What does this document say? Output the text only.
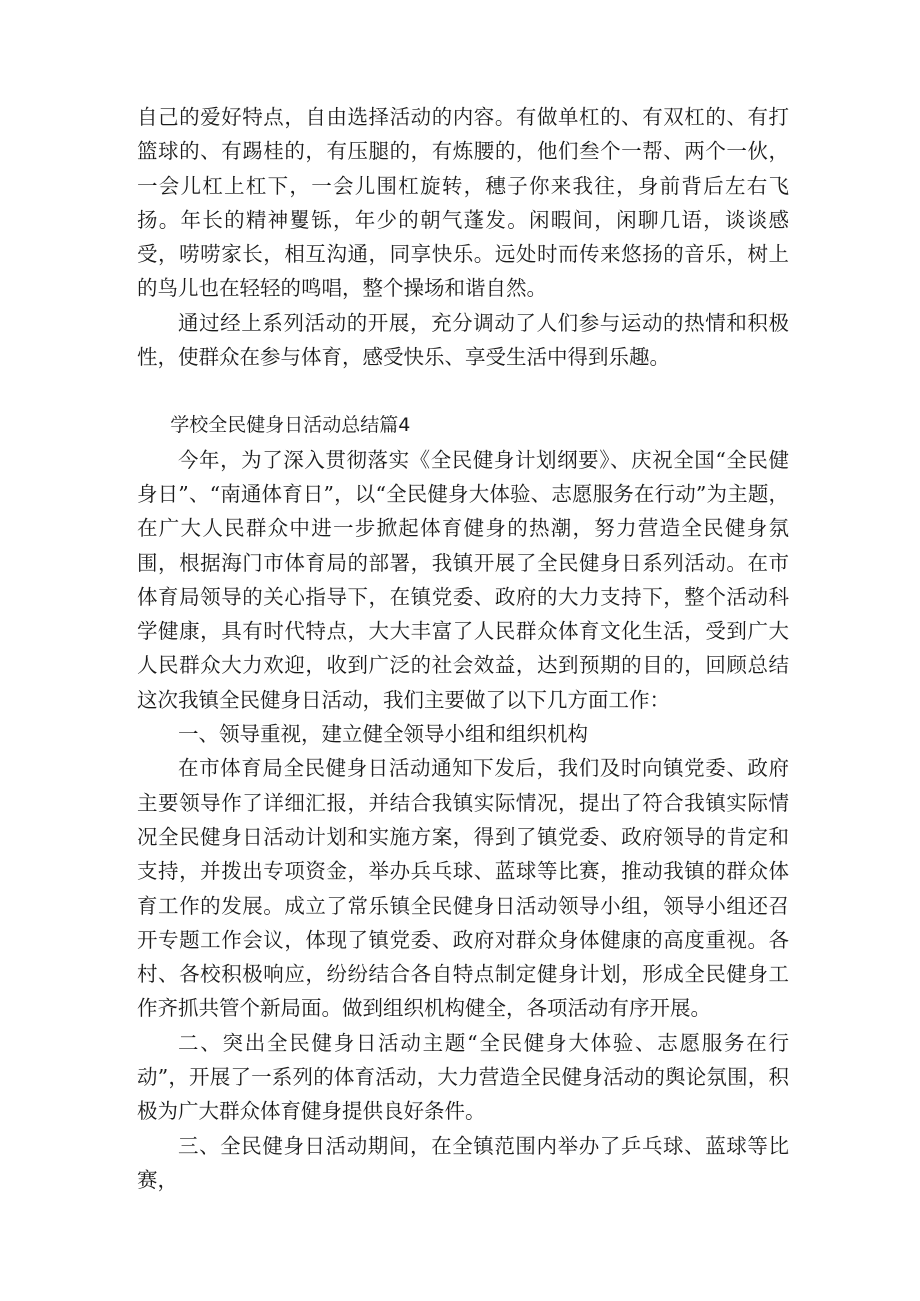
自己的爱好特点，自由选择活动的内容。有做单杠的、有双杠的、有打篮球的、有踢桂的，有压腿的，有炼腰的，他们叁个一帮、两个一伙，一会儿杠上杠下，一会儿围杠旋转，穗子你来我往，身前背后左右飞扬。年长的精神矍铄，年少的朝气蓬发。闲暇间，闲聊几语，谈谈感受，唠唠家长，相互沟通，同享快乐。远处时而传来悠扬的音乐，树上的鸟儿也在轻轻的鸣唱，整个操场和谐自然。

通过经上系列活动的开展，充分调动了人们参与运动的热情和积极性，使群众在参与体育，感受快乐、享受生活中得到乐趣。

学校全民健身日活动总结篇4

今年，为了深入贯彻落实《全民健身计划纲要》、庆祝全国“全民健身日”、“南通体育日”，以“全民健身大体验、志愿服务在行动”为主题，在广大人民群众中进一步掀起体育健身的热潮，努力营造全民健身氛围，根据海门市体育局的部署，我镇开展了全民健身日系列活动。在市体育局领导的关心指导下，在镇党委、政府的大力支持下，整个活动科学健康，具有时代特点，大大丰富了人民群众体育文化生活，受到广大人民群众大力欢迎，收到广泛的社会效益，达到预期的目的，回顾总结这次我镇全民健身日活动，我们主要做了以下几方面工作：

一、领导重视，建立健全领导小组和组织机构

在市体育局全民健身日活动通知下发后，我们及时向镇党委、政府主要领导作了详细汇报，并结合我镇实际情况，提出了符合我镇实际情况全民健身日活动计划和实施方案，得到了镇党委、政府领导的肯定和支持，并拨出专项资金，举办兵乓球、蓝球等比赛，推动我镇的群众体育工作的发展。成立了常乐镇全民健身日活动领导小组，领导小组还召开专题工作会议，体现了镇党委、政府对群众身体健康的高度重视。各村、各校积极响应，纷纷结合各自特点制定健身计划，形成全民健身工作齐抓共管个新局面。做到组织机构健全，各项活动有序开展。

二、突出全民健身日活动主题“全民健身大体验、志愿服务在行动”，开展了一系列的体育活动，大力营造全民健身活动的舆论氛围，积极为广大群众体育健身提供良好条件。

三、全民健身日活动期间，在全镇范围内举办了乒乓球、蓝球等比赛，
